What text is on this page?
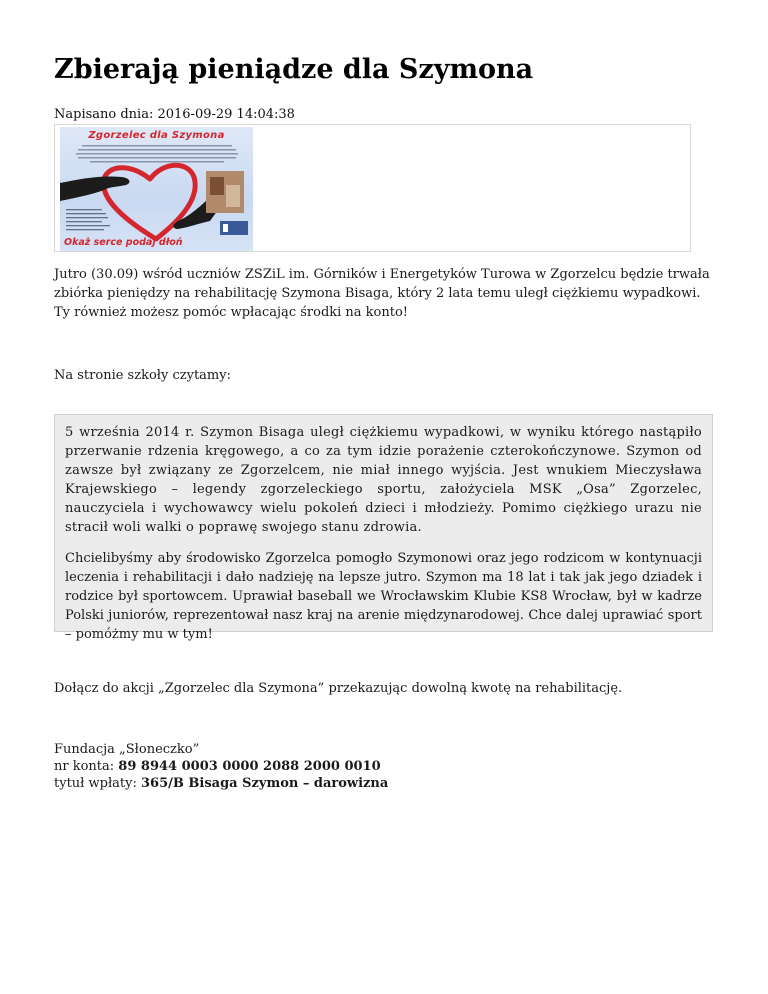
Zbierają pieniądze dla Szymona
Napisano dnia: 2016-09-29 14:04:38
Zgorzelec dla Szymona
Okaż serce podaj dłoń

Jutro (30.09) wśród uczniów ZSZiL im. Górników i Energetyków Turowa w Zgorzelcu będzie trwała zbiórka pieniędzy na rehabilitację Szymona Bisaga, który 2 lata temu uległ ciężkiemu wypadkowi. Ty również możesz pomóc wpłacając środki na konto!

Na stronie szkoły czytamy:

5 września 2014 r. Szymon Bisaga uległ ciężkiemu wypadkowi, w wyniku którego nastąpiło przerwanie rdzenia kręgowego, a co za tym idzie porażenie czterokończynowe. Szymon od zawsze był związany ze Zgorzelcem, nie miał innego wyjścia. Jest wnukiem Mieczysława Krajewskiego – legendy zgorzeleckiego sportu, założyciela MSK „Osa” Zgorzelec, nauczyciela i wychowawcy wielu pokoleń dzieci i młodzieży. Pomimo ciężkiego urazu nie stracił woli walki o poprawę swojego stanu zdrowia.

Chcielibyśmy aby środowisko Zgorzelca pomogło Szymonowi oraz jego rodzicom w kontynuacji leczenia i rehabilitacji i dało nadzieję na lepsze jutro. Szymon ma 18 lat i tak jak jego dziadek i rodzice był sportowcem. Uprawiał baseball we Wrocławskim Klubie KS8 Wrocław, był w kadrze Polski juniorów, reprezentował nasz kraj na arenie międzynarodowej. Chce dalej uprawiać sport – pomóżmy mu w tym!

Dołącz do akcji „Zgorzelec dla Szymona” przekazując dowolną kwotę na rehabilitację.

Fundacja „Słoneczko”
nr konta: 89 8944 0003 0000 2088 2000 0010
tytuł wpłaty: 365/B Bisaga Szymon – darowizna
